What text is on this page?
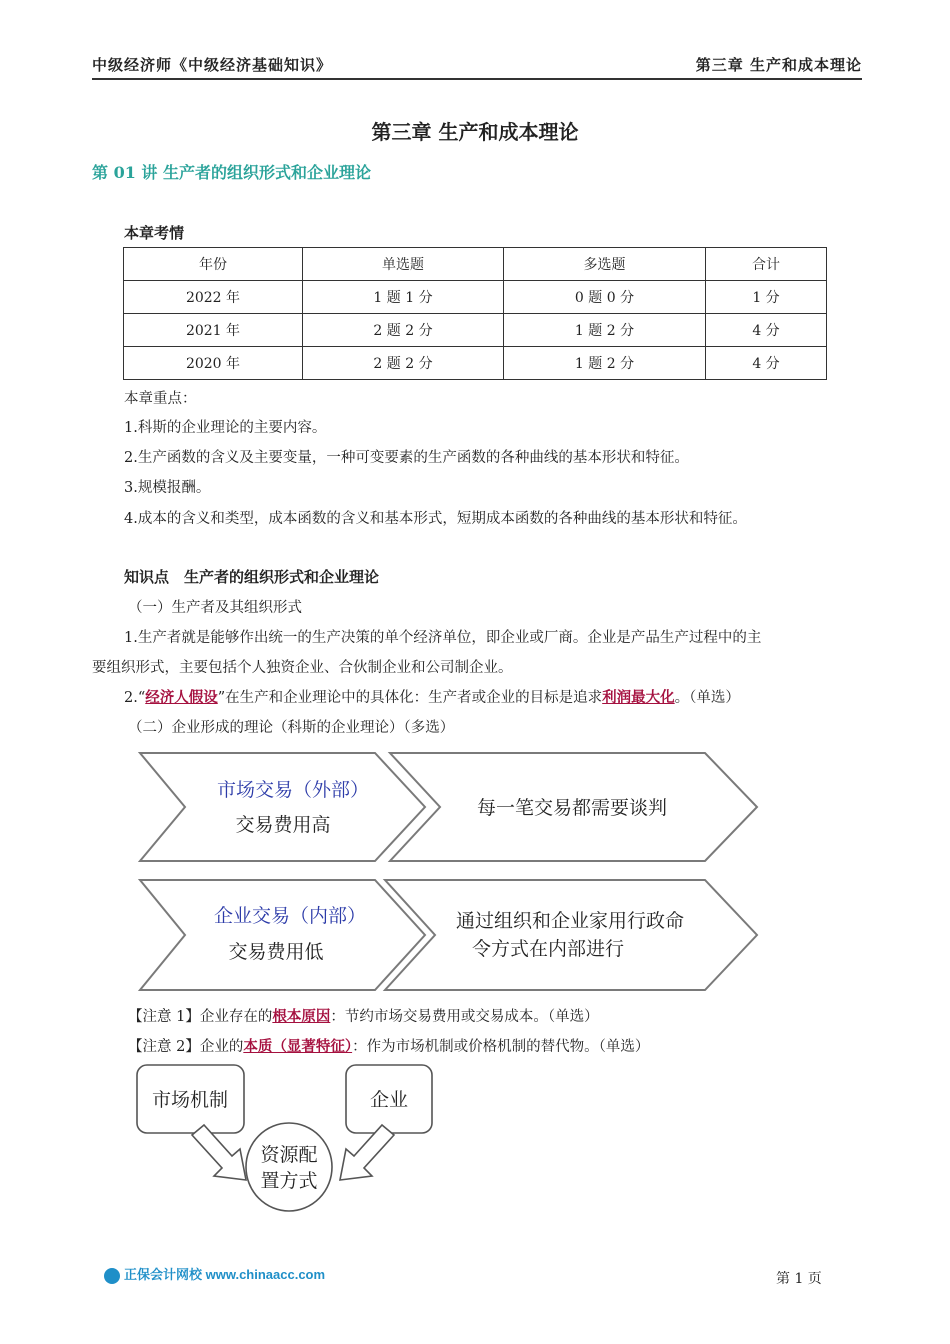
中级经济师《中级经济基础知识》	第三章 生产和成本理论
第三章 生产和成本理论
第 01 讲 生产者的组织形式和企业理论
本章考情
年份	单选题	多选题	合计
2022 年	1 题 1 分	0 题 0 分	1 分
2021 年	2 题 2 分	1 题 2 分	4 分
2020 年	2 题 2 分	1 题 2 分	4 分
本章重点：
1.科斯的企业理论的主要内容。
2.生产函数的含义及主要变量，一种可变要素的生产函数的各种曲线的基本形状和特征。
3.规模报酬。
4.成本的含义和类型，成本函数的含义和基本形式，短期成本函数的各种曲线的基本形状和特征。
知识点　生产者的组织形式和企业理论
（一）生产者及其组织形式
1.生产者就是能够作出统一的生产决策的单个经济单位，即企业或厂商。企业是产品生产过程中的主
要组织形式，主要包括个人独资企业、合伙制企业和公司制企业。
2.“经济人假设”在生产和企业理论中的具体化：生产者或企业的目标是追求利润最大化。（单选）
（二）企业形成的理论（科斯的企业理论）（多选）
市场交易（外部）
交易费用高
每一笔交易都需要谈判
企业交易（内部）
交易费用低
通过组织和企业家用行政命
令方式在内部进行
【注意 1】企业存在的根本原因：节约市场交易费用或交易成本。（单选）
【注意 2】企业的本质（显著特征）：作为市场机制或价格机制的替代物。（单选）
市场机制	企业
资源配
置方式
正保会计网校 www.chinaacc.com	第 1 页
